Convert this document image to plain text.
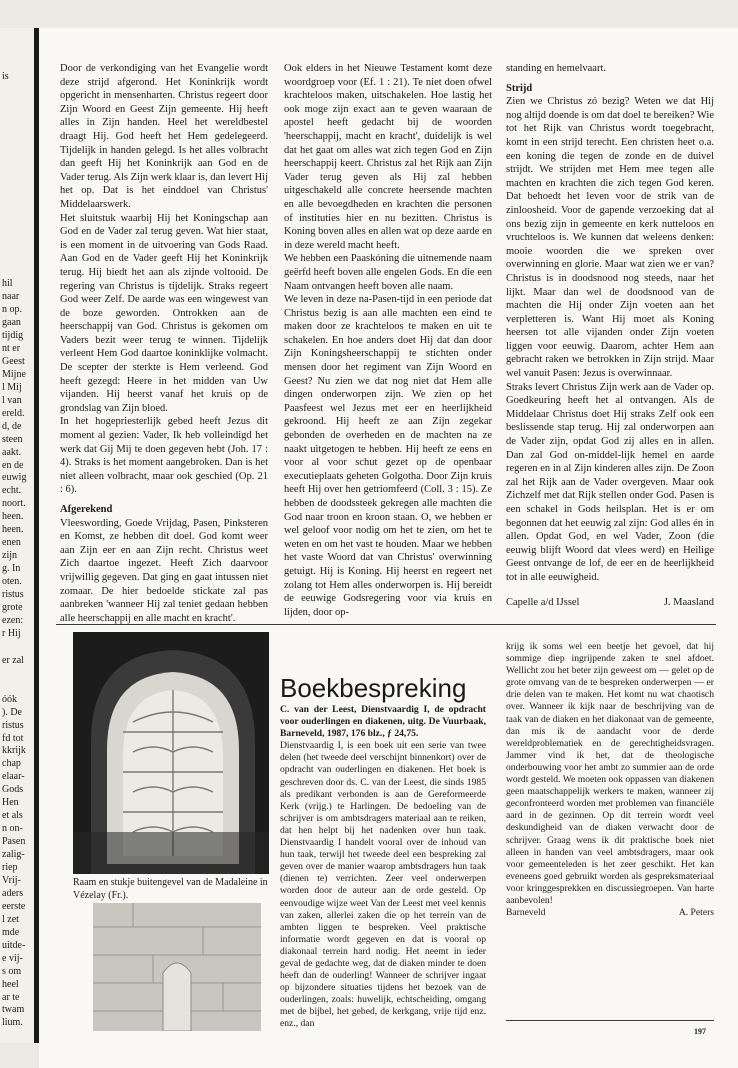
is
hil
naar
n op.
gaan
tijdig
nt er
Geest
Mijne
l Mij
l van
ereld.
d, de
steen
aakt.
en de
euwig
echt.
noort.
heen.
heen.
enen
zijn
g. In
oten.
ristus
grote
ezen:
r Hij
er zal
óók
). De
ristus
fd tot
kkrijk
chap
elaar-
Gods
Hen
et als
n on-
Pasen
zalig-
riep
Vrij-
aders
eerste
l zet
mde
uitde-
e vij-
s om
heel
ar te
twam
lium.

Door de verkondiging van het Evangelie wordt deze strijd afgerond. Het Koninkrijk wordt opgericht in mensenharten. Christus regeert door Zijn Woord en Geest Zijn gemeente. Hij heeft alles in Zijn handen. Heel het wereldbestel draagt Hij. God heeft het Hem gedelegeerd. Tijdelijk in handen gelegd. Is het alles volbracht dan geeft Hij het Koninkrijk aan God en de Vader terug. Als Zijn werk klaar is, dan levert Hij het op. Dat is het einddoel van Christus' Middelaarswerk.

Het sluitstuk waarbij Hij het Koningschap aan God en de Vader zal terug geven. Wat hier staat, is een moment in de uitvoering van Gods Raad. Aan God en de Vader geeft Hij het Koninkrijk terug. Hij biedt het aan als zijnde voltooid. De regering van Christus is tijdelijk. Straks regeert God weer Zelf. De aarde was een wingewest van de boze geworden. Ontrokken aan de heerschappij van God. Christus is gekomen om Vaders bezit weer terug te winnen. Tijdelijk verleent Hem God daartoe koninklijke volmacht. De scepter der sterkte is Hem verleend. God heeft gezegd: Heere in het midden van Uw vijanden. Hij heerst vanaf het kruis op de grondslag van Zijn bloed.

In het hogepriesterlijk gebed heeft Jezus dit moment al gezien: Vader, Ik heb volleindigd het werk dat Gij Mij te doen gegeven hebt (Joh. 17 : 4). Straks is het moment aangebroken. Dan is het niet alleen volbracht, maar ook geschied (Op. 21 : 6).

Afgerekend

Vleeswording, Goede Vrijdag, Pasen, Pinksteren en Komst, ze hebben dit doel. God komt weer aan Zijn eer en aan Zijn recht. Christus weet Zich daartoe ingezet. Heeft Zich daarvoor vrijwillig gegeven. Dat ging en gaat intussen niet zomaar. De hier bedoelde stickate zal pas aanbreken 'wanneer Hij zal teniet gedaan hebben alle heerschappij en alle macht en kracht'.

Ook elders in het Nieuwe Testament komt deze woordgroep voor (Ef. 1 : 21). Te niet doen ofwel krachteloos maken, uitschakelen. Hoe lastig het ook moge zijn exact aan te geven waaraan de apostel heeft gedacht bij de woorden 'heerschappij, macht en kracht', duidelijk is wel dat het gaat om alles wat zich tegen God en Zijn heerschappij keert. Christus zal het Rijk aan Zijn Vader terug geven als Hij zal hebben uitgeschakeld alle concrete heersende machten en alle bevoegdheden en krachten die personen of instituties hier en nu bezitten. Christus is Koning boven alles en allen wat op deze aarde en in deze wereld macht heeft.

We hebben een Paaskóning die uitnemende naam geërfd heeft boven alle engelen Gods. En die een Naam ontvangen heeft boven alle naam.

We leven in deze na-Pasen-tijd in een periode dat Christus bezig is aan alle machten een eind te maken door ze krachteloos te maken en uit te schakelen. En hoe anders doet Hij dat dan door Zijn Koningsheerschappij te stichten onder mensen door het regiment van Zijn Woord en Geest? Nu zien we dat nog niet dat Hem alle dingen onderworpen zijn. We zien op het Paasfeest wel Jezus met eer en heerlijkheid gekroond. Hij heeft ze aan Zijn zegekar gebonden de overheden en de machten na ze naakt uitgetogen te hebben. Hij heeft ze eens en voor al voor schut gezet op de openbaar executieplaats geheten Golgotha. Door Zijn kruis heeft Hij over hen getriomfeerd (Coll. 3 : 15). Ze hebben de doodssteek gekregen alle machten die God naar troon en kroon staan. O, we hebben er wel geloof voor nodig om het te zien, om het te weten en om het vast te houden. Maar we hebben het vaste Woord dat van Christus' overwinning getuigt. Hij is Koning. Hij heerst en regeert net zolang tot Hem alles onderworpen is. Hij bereidt de eeuwige Godsregering voor via kruis en lijden, door op-

standing en hemelvaart.

Strijd

Zien we Christus zó bezig? Weten we dat Hij nog altijd doende is om dat doel te bereiken? Wie tot het Rijk van Christus wordt toegebracht, komt in een strijd terecht. Een christen heet o.a. een koning die tegen de zonde en de duivel strijdt. We strijden met Hem mee tegen alle machten en krachten die zich tegen God keren. Dat behoedt het leven voor de strik van de zinloosheid. Voor de gapende verzoeking dat al ons bezig zijn in gemeente en kerk nutteloos en vruchteloos is. We kunnen dat weleens denken: mooie woorden die we spreken over overwinning en glorie. Maar wat zien we er van? Christus is in doodsnood nog steeds, naar het lijkt. Maar dan wel de doodsnood van de machten die Hij onder Zijn voeten aan het verpletteren is. Want Hij moet als Koning heersen tot alle vijanden onder Zijn voeten liggen voor eeuwig. Daarom, achter Hem aan gebracht raken we betrokken in Zijn strijd. Maar wel vanuit Pasen: Jezus is overwinnaar.

Straks levert Christus Zijn werk aan de Vader op. Goedkeuring heeft het al ontvangen. Als de Middelaar Christus doet Hij straks Zelf ook een beslissende stap terug. Hij zal onderworpen aan de Vader zijn, opdat God zij alles en in allen. Dan zal God on-middel-lijk hemel en aarde regeren en in al Zijn kinderen alles zijn. De Zoon zal het Rijk aan de Vader overgeven. Maar ook Zichzelf met dat Rijk stellen onder God. Pasen is een schakel in Gods heilsplan. Het is er om begonnen dat het eeuwig zal zijn: God alles én in allen. Opdat God, en wel Vader, Zoon (die eeuwig blijft Woord dat vlees werd) en Heilige Geest ontvange de lof, de eer en de heerlijkheid tot in alle eeuwigheid.

Capelle a/d IJssel	J. Maasland
Raam en stukje buitengevel van de Madaleine in Vézelay (Fr.).
Boekbespreking

C. van der Leest, Dienstvaardig I, de opdracht voor ouderlingen en diakenen, uitg. De Vuurbaak, Barneveld, 1987, 176 blz., ƒ 24,75.

Dienstvaardig I, is een boek uit een serie van twee delen (het tweede deel verschijnt binnenkort) over de opdracht van ouderlingen en diakenen. Het boek is geschreven door ds. C. van der Leest, die sinds 1985 als predikant verbonden is aan de Gereformeerde Kerk (vrijg.) te Harlingen. De bedoeling van de schrijver is om ambtsdragers materiaal aan te reiken, dat hen helpt bij het nadenken over hun taak. Dienstvaardig I handelt vooral over de inhoud van hun taak, terwijl het tweede deel een bespreking zal geven over de manier waarop ambtsdragers hun taak (dienen te) verrichten. Zeer veel onderwerpen worden door de auteur aan de orde gesteld. Op eenvoudige wijze weet Van der Leest met veel kennis van zaken, allerlei zaken die op het terrein van de ambten liggen te bespreken. Veel praktische informatie wordt gegeven en dat is vooral op diakonaal terrein hard nodig. Het neemt in ieder geval de gedachte weg, dat de diaken minder te doen heeft dan de ouderling! Wanneer de schrijver ingaat op bijzondere situaties tijdens het bezoek van de ouderlingen, zoals: huwelijk, echtscheiding, omgang met de bijbel, het gebed, de kerkgang, vrije tijd enz. enz., dan

krijg ik soms wel een beetje het gevoel, dat hij sommige diep ingrijpende zaken te snel afdoet. Wellicht zou het beter zijn geweest om — gelet op de grote omvang van de te bespreken onderwerpen — er drie delen van te maken. Het komt nu wat chaotisch over. Wanneer ik kijk naar de beschrijving van de taak van de diaken en het diakonaat van de gemeente, dan mis ik de aandacht voor de derde wereldproblematiek en de gerechtigheidsvragen. Jammer vind ik het, dat de theologische onderbouwing voor het ambt zo summier aan de orde wordt gesteld. We moeten ook oppassen van diakenen geen maatschappelijk werkers te maken, wanneer zij geconfronteerd worden met problemen van financiële aard in de gezinnen. Op dit terrein wordt veel deskundigheid van de diaken verwacht door de schrijver. Graag wens ik dit praktische boek niet alleen in handen van veel ambtsdragers, maar ook voor gemeenteleden is het zeer geschikt. Het kan eveneens goed gebruikt worden als gespreksmateriaal voor kringgesprekken en discussiegroepen. Van harte aanbevolen!

Barneveld	A. Peters
197
